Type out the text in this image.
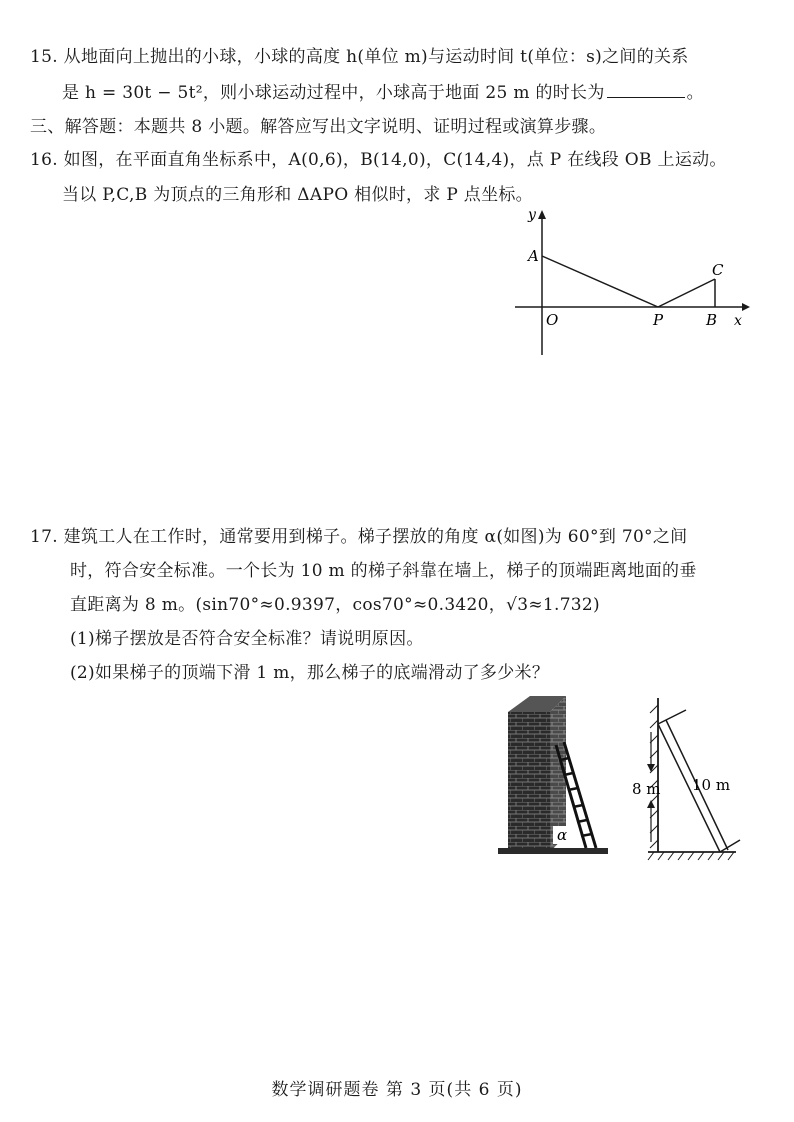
15. 从地面向上抛出的小球，小球的高度 h(单位 m)与运动时间 t(单位：s)之间的关系
是 h = 30t − 5t²，则小球运动过程中，小球高于地面 25 m 的时长为	。
三、解答题：本题共 8 小题。解答应写出文字说明、证明过程或演算步骤。
16. 如图，在平面直角坐标系中，A(0,6)，B(14,0)，C(14,4)，点 P 在线段 OB 上运动。
当以 P,C,B 为顶点的三角形和 ΔAPO 相似时，求 P 点坐标。
y
A
O	P	B x
C
17. 建筑工人在工作时，通常要用到梯子。梯子摆放的角度 α(如图)为 60°到 70°之间
时，符合安全标准。一个长为 10 m 的梯子斜靠在墙上，梯子的顶端距离地面的垂
直距离为 8 m。(sin70°≈0.9397，cos70°≈0.3420，√3≈1.732)
(1)梯子摆放是否符合安全标准？请说明原因。
(2)如果梯子的顶端下滑 1 m，那么梯子的底端滑动了多少米？
α
8 m 10 m
数学调研题卷 第 3 页(共 6 页)
